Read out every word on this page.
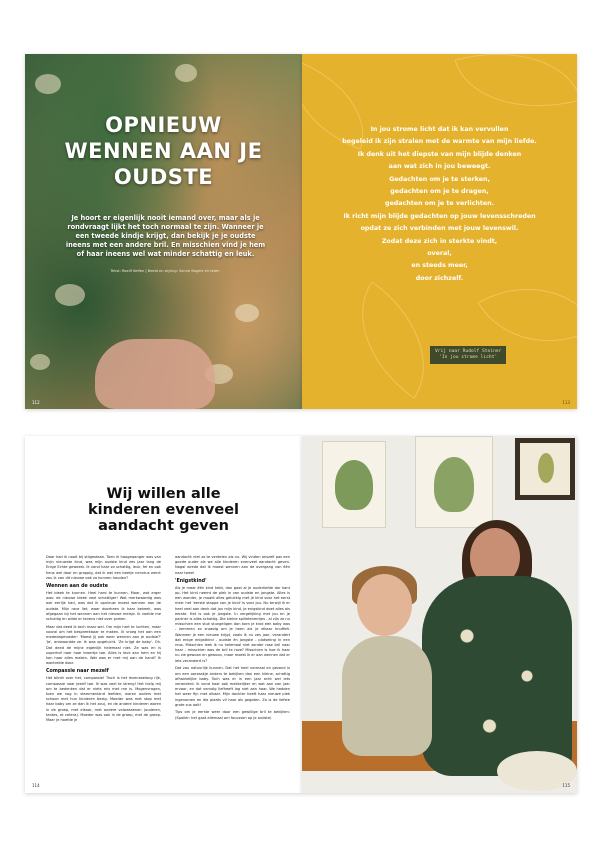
OPNIEUW
WENNEN AAN JE
OUDSTE
Je hoort er eigenlijk nooit iemand over, maar als je rondvraagt lijkt het toch normaal te zijn. Wanneer je een tweede kindje krijgt, dan bekijk je je oudste ineens met een andere bril. En misschien vind je hem of haar ineens wel wat minder schattig en leuk.
Tekst: Roelif Kelfen | Beeld en styling: Sanne Bogert en team
112
In jou strome licht dat ik kan vervullen
begeleid ik zijn stralen met de warmte van mijn liefde.
Ik denk uit het diepste van mijn blijde denken
aan wat zich in jou beweegt.
Gedachten om je te sterken,
gedachten om je te dragen,
gedachten om je te verlichten.
Ik richt mijn blijde gedachten op jouw levensschreden
opdat ze zich verbinden met jouw levenswil.
Zodat deze zich in sterkte vindt,
overal,
en steeds meer,
door zichzelf.
Vrij naar Rudolf Steiner
'In jou strome licht'
113
Wij willen alle
kinderen evenveel
aandacht geven

Daar had ik nooit bij stilgestaan. Toen ik hoogzwanger was van mijn nieuwste kind, was mijn oudste kind zes jaar lang de Enige Echte geweest. Ik vond haar zo schattig, leuk, fel en ook heus wel door en grappig, dat ik wel een beetje nerveus werd: zou ik van dit nieuwe ook zo kunnen houden?

Wennen aan de oudste

Het bleek te kunnen. Heel hard te kunnen. Maar, wat erger was: de nieuwe bleek veel schattiger! Wat merkwaardig was ook eerlijk had, was dat ik opnieuw moest wennen aan de oudste. Mijn race liet, waar doorheen ik haar bekeek, was afgegaan bij het wennen aan het nieuwe meisje. Ik voelde me schuldig en wilde er tevens niet over praten.

Maar dat deed ik toch maar wel. Om mijn hart te luchten, maar vooral om het bespreekbaar te maken. Ik vroeg het aan een mededagmoeder: 'Moest jij ook weer wennen aan je oudste?' 'Ja', antwoordde ze. Ik was opgelucht. 'Ze krijgt de baby'. Oh. Dat deed de mijne eigenlijk helemaal niet. Ze was en is superhof naar haar broertje toe. Alles is leuk aan hem en hij kan haar alles maken. Wat was er met mij aan de hand? Ik wantrelde door.

Compassie naar mezelf

Het blinkt over het, compassie! Tisch is het levensbelang rijk, compassie naar jezelf toe. Ik was veel te streng! Het hielp mij om te bedenken dat er niets mis met me is. Mogenvragen, toen we nog in stammenland leefden, waren ouders met schoon met hun kinderen bezig. Moeder was met stop met haar baby om ze dan ik het zou), en de andere kinderen waren in de groep, met elkaar, met andere volwassenen (ouderen, tantes, et cetera). Moeder was ook in de groep, met de groep. Maar je hoefde je

aandacht niet zo te verdelen als nu. Wij vinden onszelf pas een goede ouder als we alle kinderen evenveel aandacht geven. Nogal wrede dat ik moest wennen aan de overgang van één naar twee!

'Enigstkind'

Als je maar één kind hebt, dan gaat al je ouderliefde dar kant op. Het kind neemt de plek in van oudste en jongste. Alles is een wonder, je maakt alles gelukkig met je kind voor het eerst mee: het 'eerste stappe van je kind' is voor jou. Nu terwijl ik er heel veel aan denk dat jou mijn kind, je enigskind doet alles als eerste. Het is ook je jongste. In vergelijking met jou en je partner is alles schattig. Die kleine spilletenentjes - al zijn ze nu misschien een stuk stungeligen dan toen je kind een baby was - kemmen zo snoezig om je heen als je elkaar knuffelt. Wanneer je een nieuwe krijgt, zoals ik nu zes jaar, verandert dat enige enigstkind - oudste én jongste - plotseling in een reus. Misschien leek ik nu helemaal niet zonder rose bril naar haar - misschien was de bril te roze? Misschien is hoe ik haar nu zie gewoon en gewoon, maar moest ik er aan wennen dat er iets veranderd is?

Dat zou natuurlijk kunnen. Dat het heel normaal en gezond is om een oorzaakje anders te bekijken dan een kleine, schattig afhankelijke baby. Toch was er in een jaar echt wel iets veranderd. Ik vond haar ook makkelijker en wat aan van jaar ervoor, en dat vervolg liefheeft lag niet aan haar. We hadden het weer fijn met elkaar. Mijn dochter heeft haar nieuwe plek ingenomen en die plaats vil haar als gegoten. Zo is de liefste grote zus ooit!

Tips om je eerste weer door een gewillige bril te bekijken: (Spoiler: het gaat allemaal om focussen op je oudste)

114	115
